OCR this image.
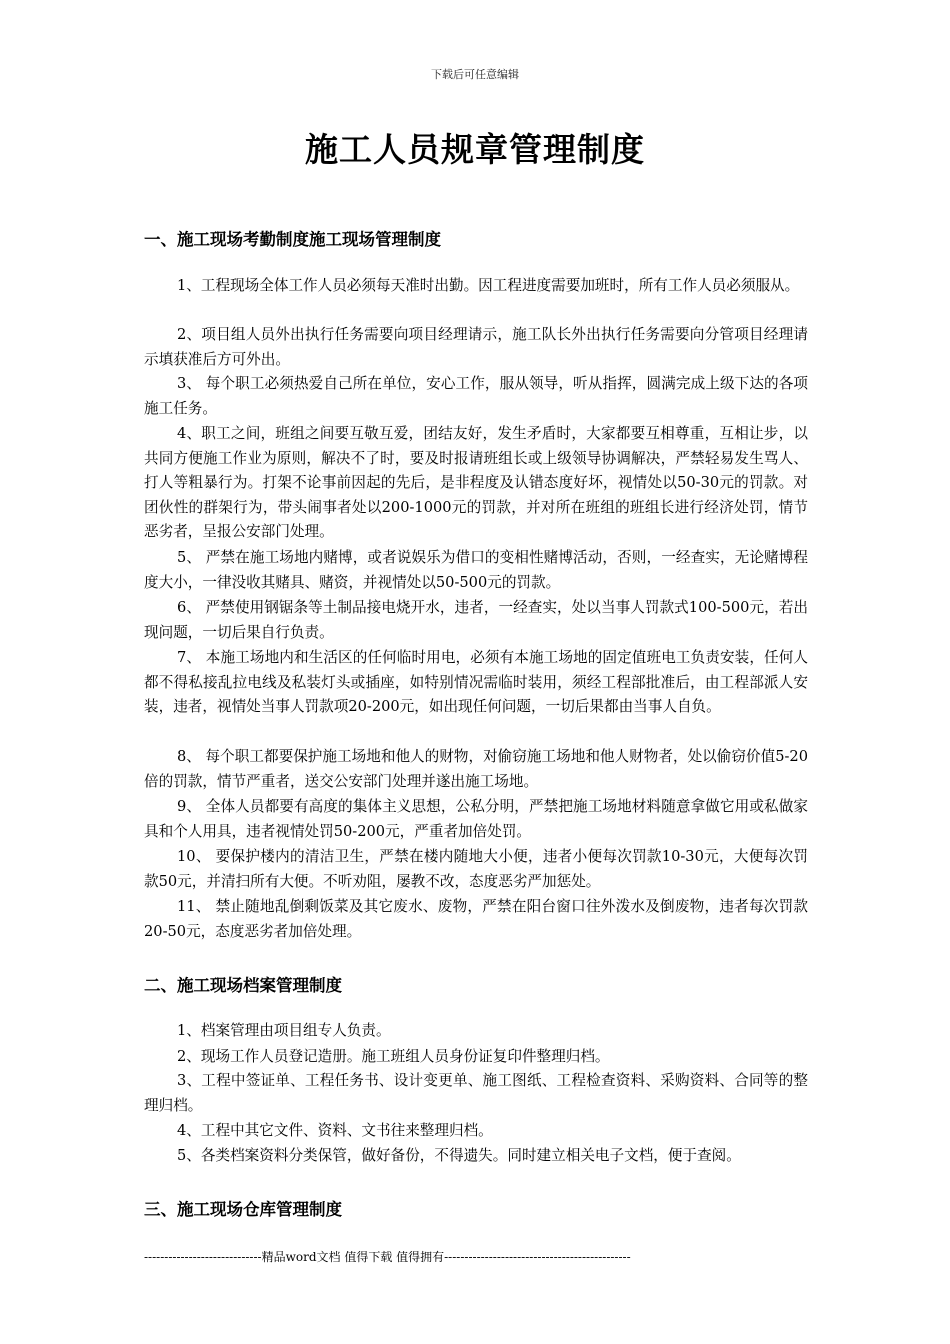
下载后可任意编辑
施工人员规章管理制度
一、施工现场考勤制度施工现场管理制度

1、工程现场全体工作人员必须每天准时出勤。因工程进度需要加班时，所有工作人员必须服从。

2、项目组人员外出执行任务需要向项目经理请示，施工队长外出执行任务需要向分管项目经理请示填获准后方可外出。

3、 每个职工必须热爱自己所在单位，安心工作，服从领导，听从指挥，圆满完成上级下达的各项施工任务。

4、职工之间，班组之间要互敬互爱，团结友好，发生矛盾时，大家都要互相尊重，互相让步，以共同方便施工作业为原则，解决不了时，要及时报请班组长或上级领导协调解决，严禁轻易发生骂人、打人等粗暴行为。打架不论事前因起的先后，是非程度及认错态度好坏，视情处以50-30元的罚款。对团伙性的群架行为，带头闹事者处以200-1000元的罚款，并对所在班组的班组长进行经济处罚，情节恶劣者，呈报公安部门处理。

5、 严禁在施工场地内赌博，或者说娱乐为借口的变相性赌博活动，否则，一经查实，无论赌博程度大小，一律没收其赌具、赌资，并视情处以50-500元的罚款。

6、 严禁使用钢锯条等土制品接电烧开水，违者，一经查实，处以当事人罚款式100-500元，若出现问题，一切后果自行负责。

7、 本施工场地内和生活区的任何临时用电，必须有本施工场地的固定值班电工负责安装，任何人都不得私接乱拉电线及私装灯头或插座，如特别情况需临时装用，须经工程部批准后，由工程部派人安装，违者，视情处当事人罚款项20-200元，如出现任何问题，一切后果都由当事人自负。

8、 每个职工都要保护施工场地和他人的财物，对偷窃施工场地和他人财物者，处以偷窃价值5-20倍的罚款，情节严重者，送交公安部门处理并遂出施工场地。

9、 全体人员都要有高度的集体主义思想，公私分明，严禁把施工场地材料随意拿做它用或私做家具和个人用具，违者视情处罚50-200元，严重者加倍处罚。

10、 要保护楼内的清洁卫生，严禁在楼内随地大小便，违者小便每次罚款10-30元，大便每次罚款50元，并清扫所有大便。不听劝阻，屡教不改，态度恶劣严加惩处。

11、 禁止随地乱倒剩饭菜及其它废水、废物，严禁在阳台窗口往外泼水及倒废物，违者每次罚款20-50元，态度恶劣者加倍处理。

二、施工现场档案管理制度

1、档案管理由项目组专人负责。

2、现场工作人员登记造册。施工班组人员身份证复印件整理归档。

3、工程中签证单、工程任务书、设计变更单、施工图纸、工程检查资料、采购资料、合同等的整理归档。

4、工程中其它文件、资料、文书往来整理归档。

5、各类档案资料分类保管，做好备份，不得遗失。同时建立相关电子文档，便于查阅。

三、施工现场仓库管理制度
-----------------------------精品word文档 值得下载 值得拥有----------------------------------------------
